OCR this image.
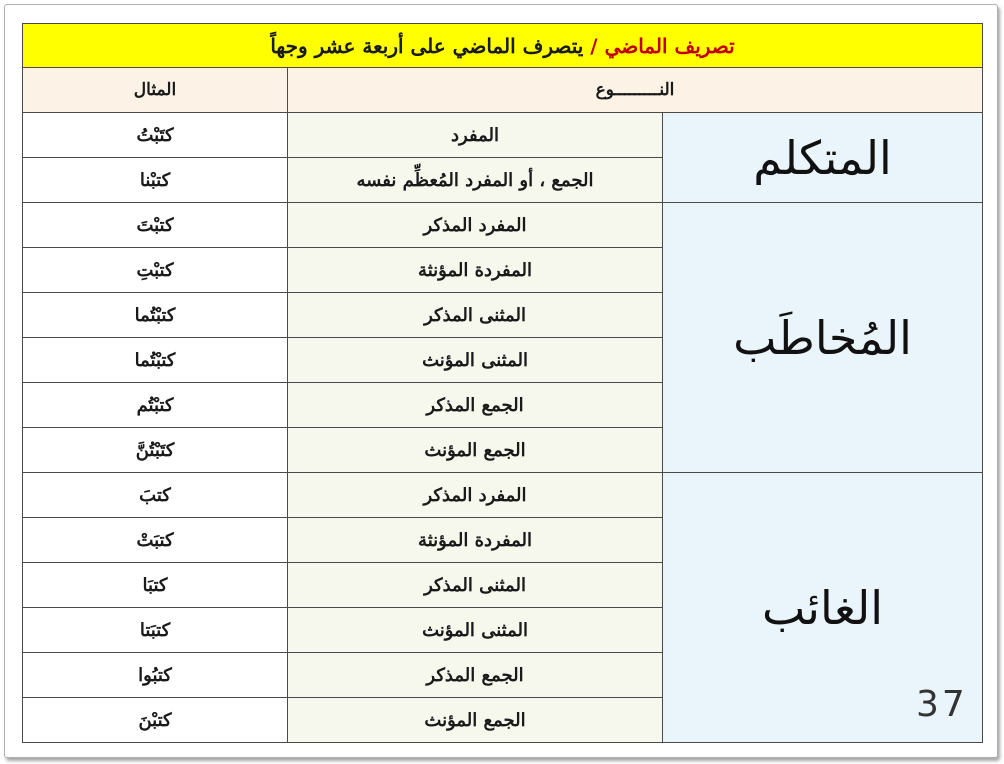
تصريف الماضي / يتصرف الماضي على أربعة عشر وجهاً		
النـــــــــوع		المثال
المتكلم	المفرد	كتَبْتُ
	الجمع ، أو المفرد المُعظِّم نفسه	كتبْنا
المُخاطَب	المفرد المذكر	كتبْتَ
	المفردة المؤنثة	كتبْتِ
	المثنى المذكر	كتبْتُما
	المثنى المؤنث	كتبْتُما
	الجمع المذكر	كتبْتُم
	الجمع المؤنث	كتَبْتُنَّ
الغائب	المفرد المذكر	كتبَ
	المفردة المؤنثة	كتبَتْ
	المثنى المذكر	كتبَا
	المثنى المؤنث	كتبَتا
	الجمع المذكر	كتبُوا
	الجمع المؤنث	كتبْنَ	37
